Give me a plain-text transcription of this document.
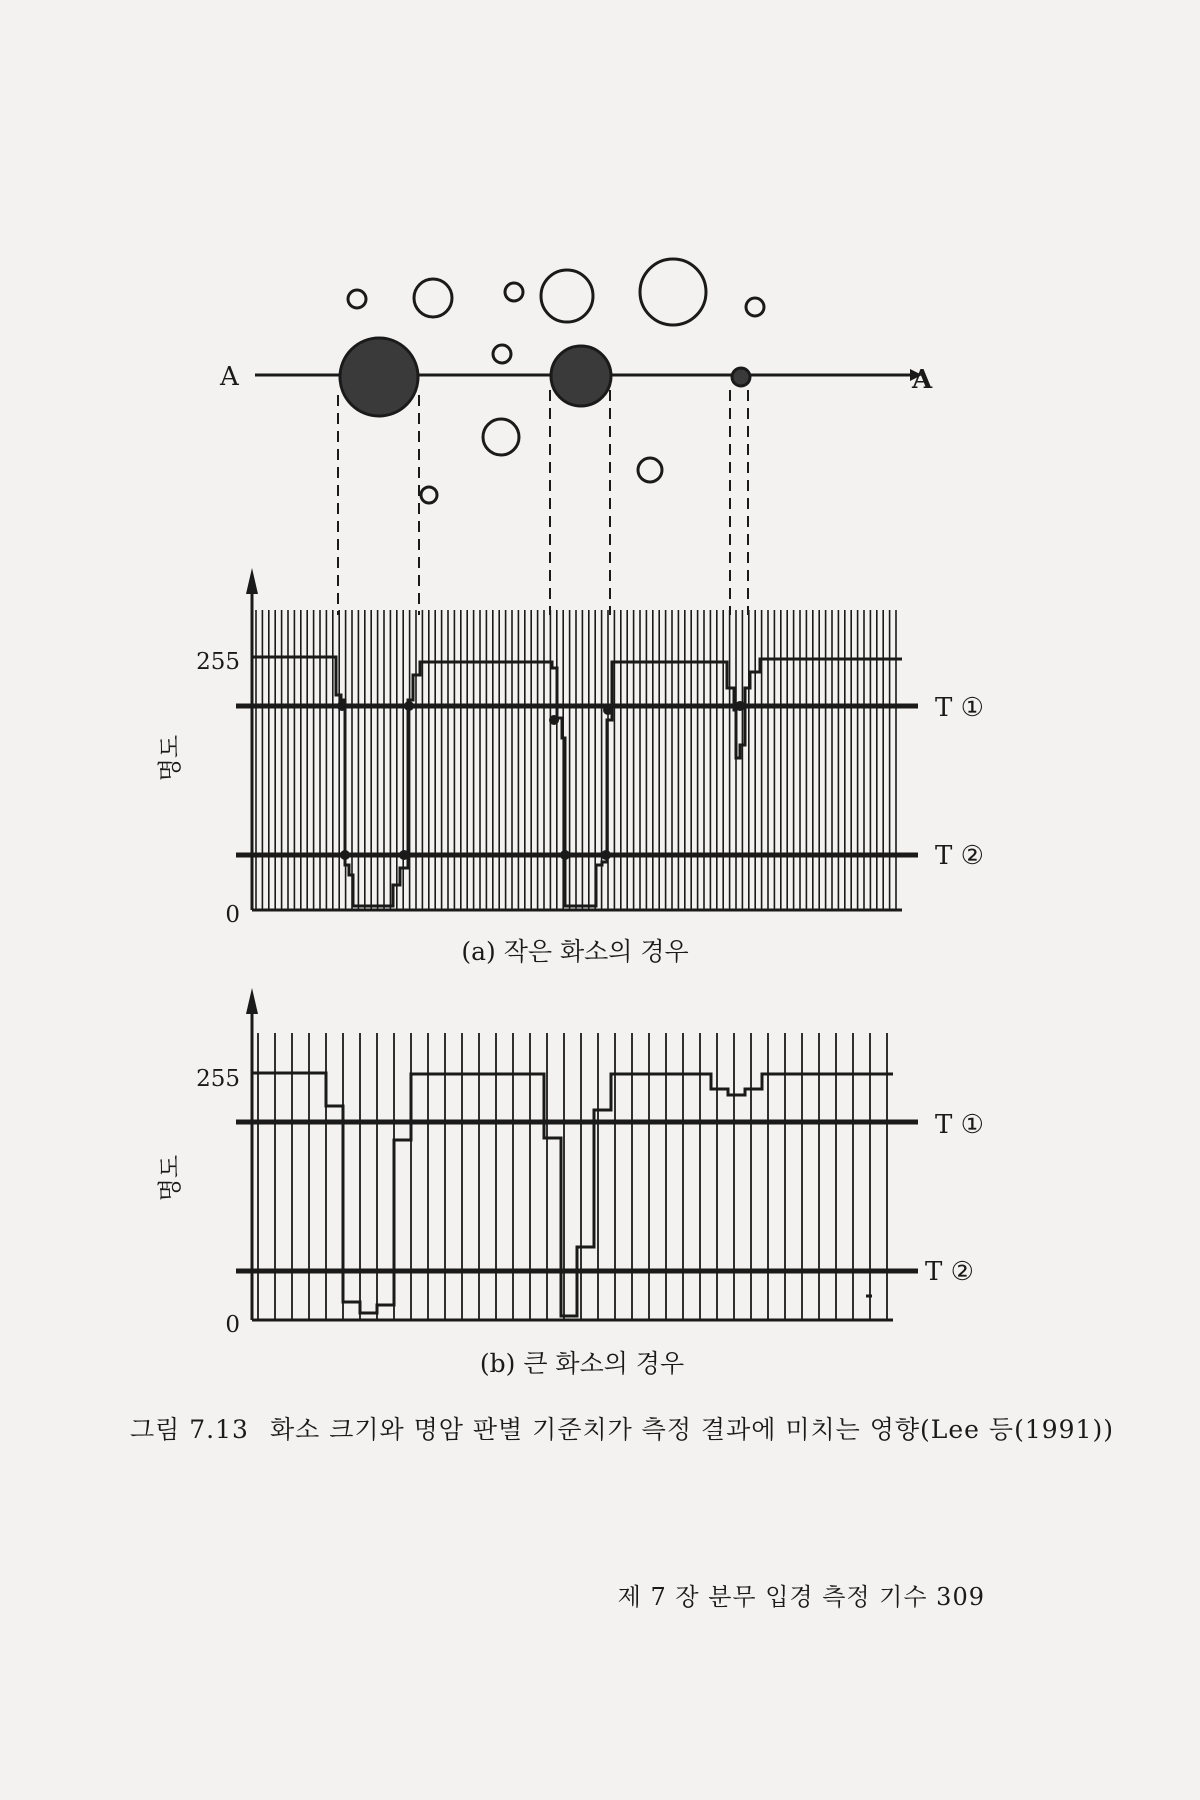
A	A
255
0
T ①
T ②
명도
(a) 작은 화소의 경우
255
0
T ①
T ②
명도
(b) 큰 화소의 경우
그림 7.13 화소 크기와 명암 판별 기준치가 측정 결과에 미치는 영향(Lee 등(1991))
제 7 장 분무 입경 측정 기수 309
